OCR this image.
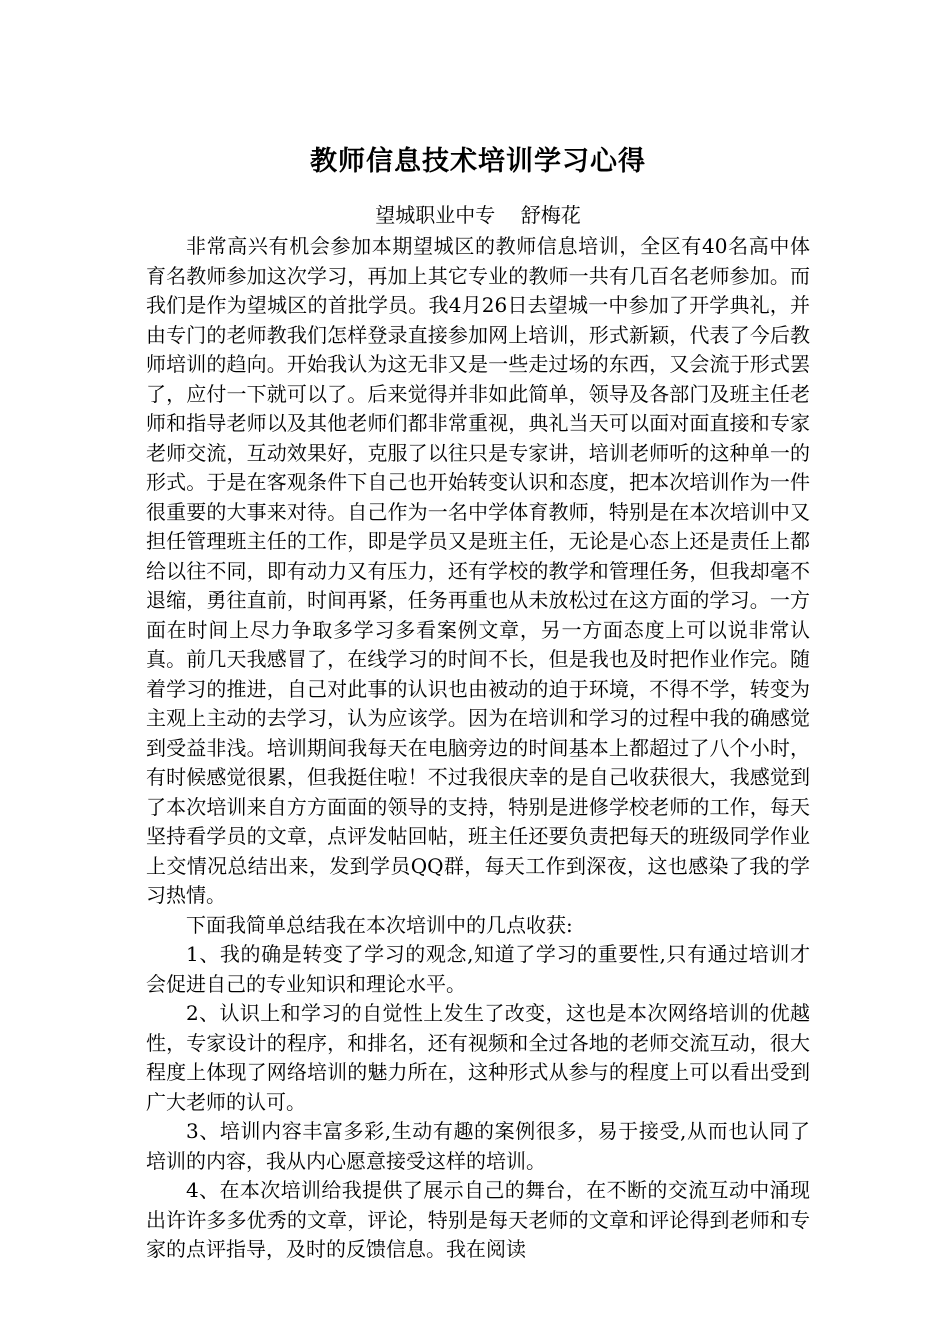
教师信息技术培训学习心得

望城职业中专    舒梅花

非常高兴有机会参加本期望城区的教师信息培训，全区有40名高中体育名教师参加这次学习，再加上其它专业的教师一共有几百名老师参加。而我们是作为望城区的首批学员。我4月26日去望城一中参加了开学典礼，并由专门的老师教我们怎样登录直接参加网上培训，形式新颖，代表了今后教师培训的趋向。开始我认为这无非又是一些走过场的东西，又会流于形式罢了，应付一下就可以了。后来觉得并非如此简单，领导及各部门及班主任老师和指导老师以及其他老师们都非常重视，典礼当天可以面对面直接和专家老师交流，互动效果好，克服了以往只是专家讲，培训老师听的这种单一的形式。于是在客观条件下自己也开始转变认识和态度，把本次培训作为一件很重要的大事来对待。自己作为一名中学体育教师，特别是在本次培训中又担任管理班主任的工作，即是学员又是班主任，无论是心态上还是责任上都给以往不同，即有动力又有压力，还有学校的教学和管理任务，但我却毫不退缩，勇往直前，时间再紧，任务再重也从未放松过在这方面的学习。一方面在时间上尽力争取多学习多看案例文章，另一方面态度上可以说非常认真。前几天我感冒了，在线学习的时间不长，但是我也及时把作业作完。随着学习的推进，自己对此事的认识也由被动的迫于环境，不得不学，转变为主观上主动的去学习，认为应该学。因为在培训和学习的过程中我的确感觉到受益非浅。培训期间我每天在电脑旁边的时间基本上都超过了八个小时，有时候感觉很累，但我挺住啦！不过我很庆幸的是自己收获很大，我感觉到了本次培训来自方方面面的领导的支持，特别是进修学校老师的工作，每天坚持看学员的文章，点评发帖回帖，班主任还要负责把每天的班级同学作业上交情况总结出来，发到学员QQ群，每天工作到深夜，这也感染了我的学习热情。

下面我简单总结我在本次培训中的几点收获:

1、我的确是转变了学习的观念,知道了学习的重要性,只有通过培训才会促进自己的专业知识和理论水平。

2、认识上和学习的自觉性上发生了改变，这也是本次网络培训的优越性，专家设计的程序，和排名，还有视频和全过各地的老师交流互动，很大程度上体现了网络培训的魅力所在，这种形式从参与的程度上可以看出受到广大老师的认可。

3、培训内容丰富多彩,生动有趣的案例很多，易于接受,从而也认同了培训的内容，我从内心愿意接受这样的培训。

4、在本次培训给我提供了展示自己的舞台，在不断的交流互动中涌现出许许多多优秀的文章，评论，特别是每天老师的文章和评论得到老师和专家的点评指导，及时的反馈信息。我在阅读
